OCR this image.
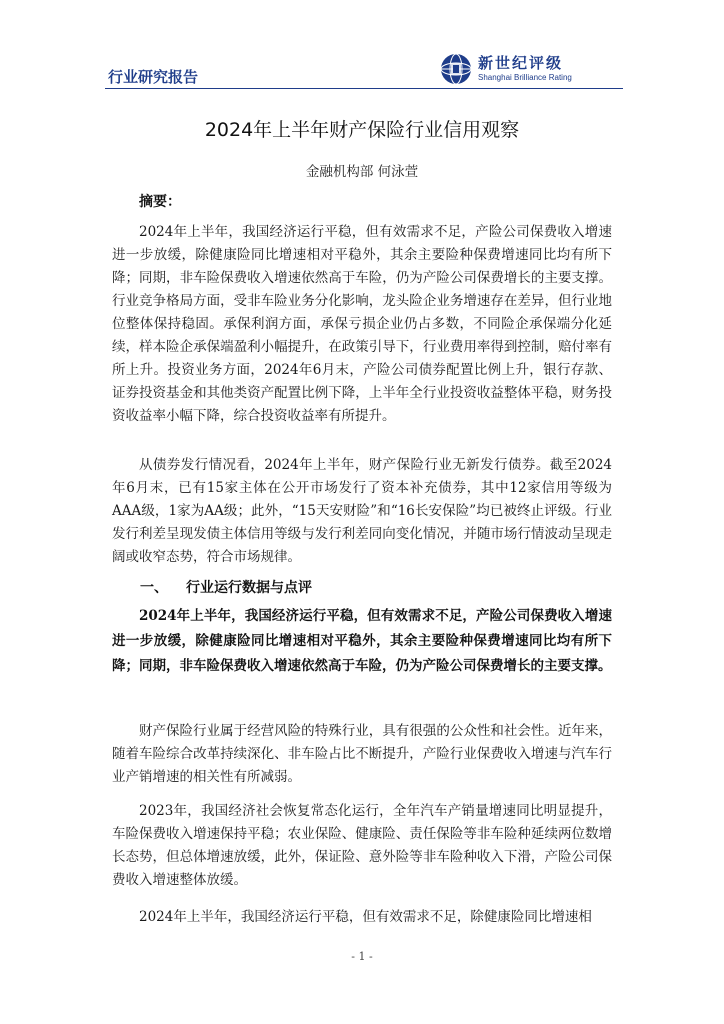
行业研究报告
新世纪评级
Shanghai Brilliance Rating
2024年上半年财产保险行业信用观察
金融机构部 何泳萱
摘要：

2024年上半年，我国经济运行平稳，但有效需求不足，产险公司保费收入增速进一步放缓，除健康险同比增速相对平稳外，其余主要险种保费增速同比均有所下降；同期，非车险保费收入增速依然高于车险，仍为产险公司保费增长的主要支撑。行业竞争格局方面，受非车险业务分化影响，龙头险企业务增速存在差异，但行业地位整体保持稳固。承保利润方面，承保亏损企业仍占多数，不同险企承保端分化延续，样本险企承保端盈利小幅提升，在政策引导下，行业费用率得到控制，赔付率有所上升。投资业务方面，2024年6月末，产险公司债券配置比例上升，银行存款、证券投资基金和其他类资产配置比例下降，上半年全行业投资收益整体平稳，财务投资收益率小幅下降，综合投资收益率有所提升。

从债券发行情况看，2024年上半年，财产保险行业无新发行债券。截至2024年6月末，已有15家主体在公开市场发行了资本补充债券，其中12家信用等级为AAA级，1家为AA级；此外，“15天安财险”和“16长安保险”均已被终止评级。行业发行利差呈现发债主体信用等级与发行利差同向变化情况，并随市场行情波动呈现走阔或收窄态势，符合市场规律。

一、 行业运行数据与点评

2024年上半年，我国经济运行平稳，但有效需求不足，产险公司保费收入增速进一步放缓，除健康险同比增速相对平稳外，其余主要险种保费增速同比均有所下降；同期，非车险保费收入增速依然高于车险，仍为产险公司保费增长的主要支撑。

财产保险行业属于经营风险的特殊行业，具有很强的公众性和社会性。近年来，随着车险综合改革持续深化、非车险占比不断提升，产险行业保费收入增速与汽车行业产销增速的相关性有所减弱。

2023年，我国经济社会恢复常态化运行，全年汽车产销量增速同比明显提升，车险保费收入增速保持平稳；农业保险、健康险、责任保险等非车险种延续两位数增长态势，但总体增速放缓，此外，保证险、意外险等非车险种收入下滑，产险公司保费收入增速整体放缓。

2024年上半年，我国经济运行平稳，但有效需求不足，除健康险同比增速相

- 1 -
